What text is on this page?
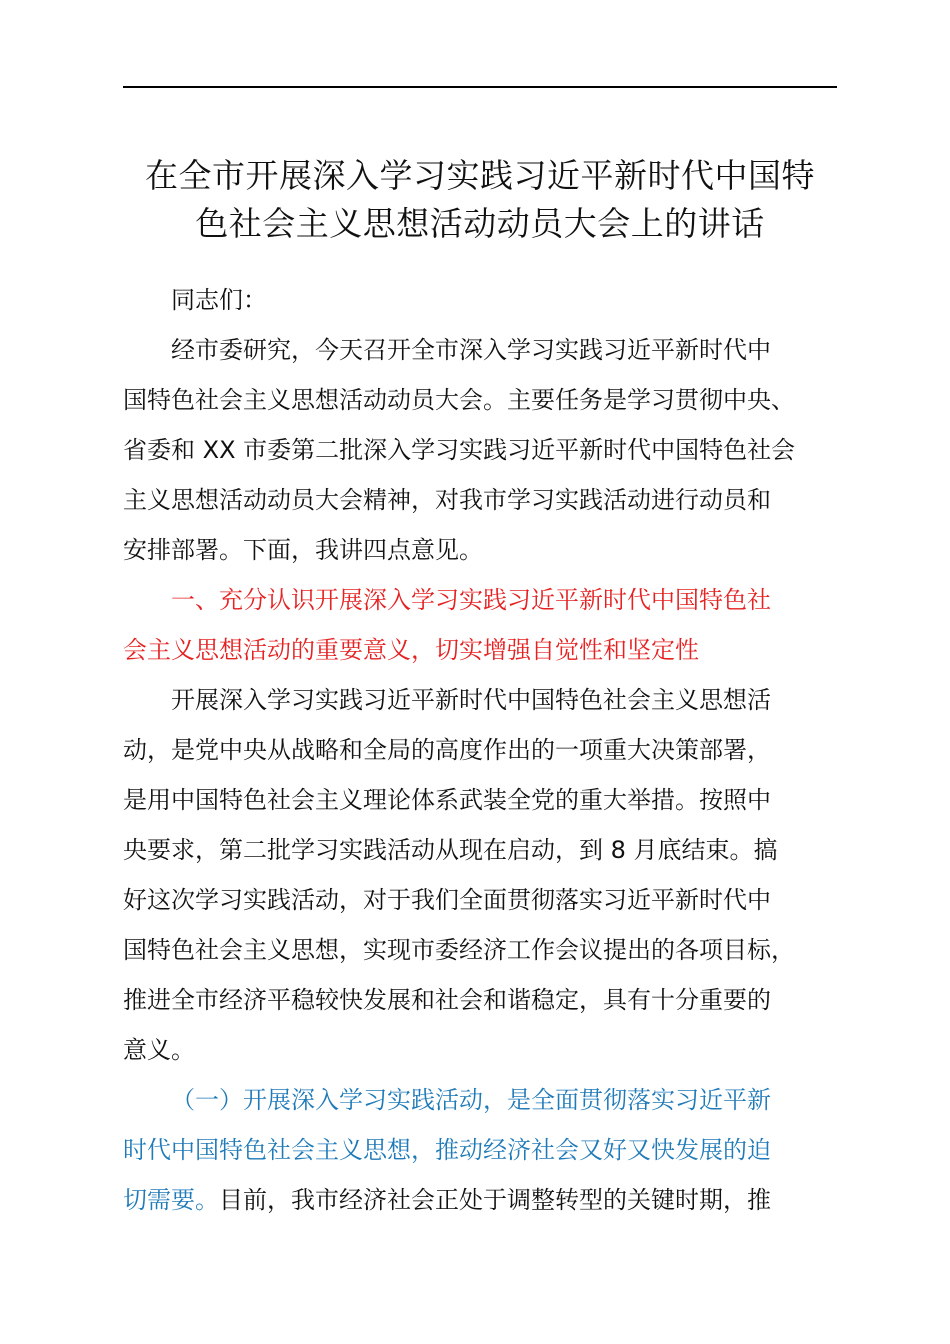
在全市开展深入学习实践习近平新时代中国特
色社会主义思想活动动员大会上的讲话

同志们：

经市委研究，今天召开全市深入学习实践习近平新时代中
国特色社会主义思想活动动员大会。主要任务是学习贯彻中央、
省委和 XX 市委第二批深入学习实践习近平新时代中国特色社会
主义思想活动动员大会精神，对我市学习实践活动进行动员和
安排部署。下面，我讲四点意见。

一、充分认识开展深入学习实践习近平新时代中国特色社
会主义思想活动的重要意义，切实增强自觉性和坚定性

开展深入学习实践习近平新时代中国特色社会主义思想活
动，是党中央从战略和全局的高度作出的一项重大决策部署，
是用中国特色社会主义理论体系武装全党的重大举措。按照中
央要求，第二批学习实践活动从现在启动，到 8 月底结束。搞
好这次学习实践活动，对于我们全面贯彻落实习近平新时代中
国特色社会主义思想，实现市委经济工作会议提出的各项目标，
推进全市经济平稳较快发展和社会和谐稳定，具有十分重要的
意义。

（一）开展深入学习实践活动，是全面贯彻落实习近平新
时代中国特色社会主义思想，推动经济社会又好又快发展的迫
切需要。目前，我市经济社会正处于调整转型的关键时期，推
